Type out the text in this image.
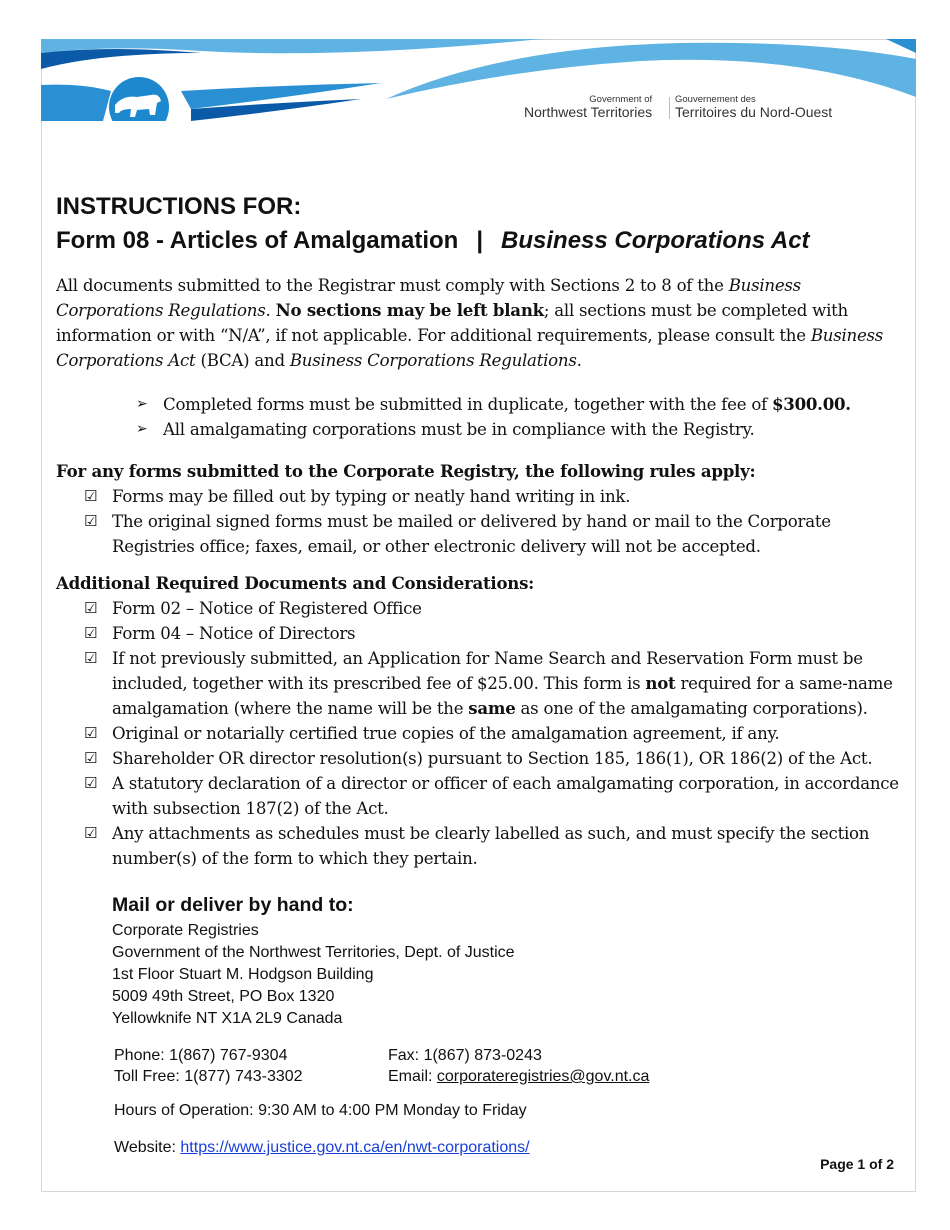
Government of
Northwest Territories
Gouvernement des
Territoires du Nord-Ouest
INSTRUCTIONS FOR:
Form 08 - Articles of Amalgamation | Business Corporations Act

All documents submitted to the Registrar must comply with Sections 2 to 8 of the Business Corporations Regulations. No sections may be left blank; all sections must be completed with information or with “N/A”, if not applicable. For additional requirements, please consult the Business Corporations Act (BCA) and Business Corporations Regulations.

➢ Completed forms must be submitted in duplicate, together with the fee of $300.00.
➢ All amalgamating corporations must be in compliance with the Registry.

For any forms submitted to the Corporate Registry, the following rules apply:

☑ Forms may be filled out by typing or neatly hand writing in ink.
☑ The original signed forms must be mailed or delivered by hand or mail to the Corporate Registries office; faxes, email, or other electronic delivery will not be accepted.

Additional Required Documents and Considerations:

☑ Form 02 – Notice of Registered Office
☑ Form 04 – Notice of Directors
☑ If not previously submitted, an Application for Name Search and Reservation Form must be included, together with its prescribed fee of $25.00. This form is not required for a same-name amalgamation (where the name will be the same as one of the amalgamating corporations).
☑ Original or notarially certified true copies of the amalgamation agreement, if any.
☑ Shareholder OR director resolution(s) pursuant to Section 185, 186(1), OR 186(2) of the Act.
☑ A statutory declaration of a director or officer of each amalgamating corporation, in accordance with subsection 187(2) of the Act.
☑ Any attachments as schedules must be clearly labelled as such, and must specify the section number(s) of the form to which they pertain.
Mail or deliver by hand to:
Corporate Registries
Government of the Northwest Territories, Dept. of Justice
1st Floor Stuart M. Hodgson Building
5009 49th Street, PO Box 1320
Yellowknife NT X1A 2L9 Canada
Phone: 1(867) 767-9304
Toll Free: 1(877) 743-3302
Fax: 1(867) 873-0243
Email: corporateregistries@gov.nt.ca
Hours of Operation: 9:30 AM to 4:00 PM Monday to Friday
Website: https://www.justice.gov.nt.ca/en/nwt-corporations/
Page 1 of 2
